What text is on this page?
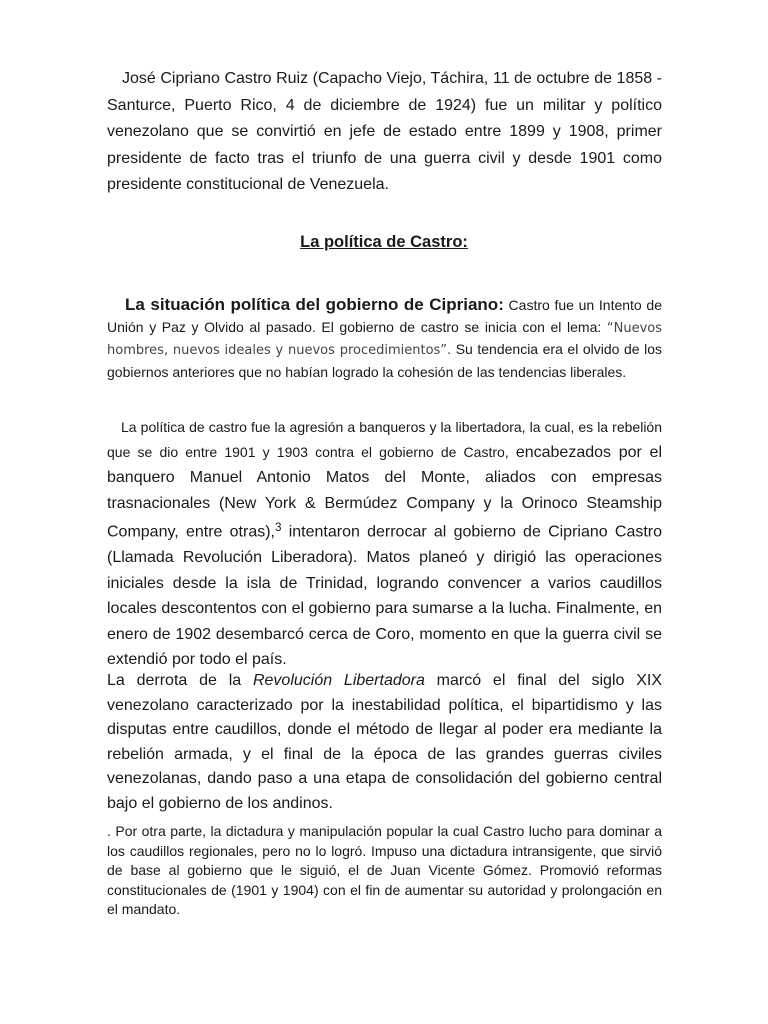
José Cipriano Castro Ruiz (Capacho Viejo, Táchira, 11 de octubre de 1858 - Santurce, Puerto Rico, 4 de diciembre de 1924) fue un militar y político venezolano que se convirtió en jefe de estado entre 1899 y 1908, primer presidente de facto tras el triunfo de una guerra civil y desde 1901 como presidente constitucional de Venezuela.

La política de Castro:

La situación política del gobierno de Cipriano: Castro fue un Intento de Unión y Paz y Olvido al pasado. El gobierno de castro se inicia con el lema: “Nuevos hombres, nuevos ideales y nuevos procedimientos”. Su tendencia era el olvido de los gobiernos anteriores que no habían logrado la cohesión de las tendencias liberales.

La política de castro fue la agresión a banqueros y la libertadora, la cual, es la rebelión que se dio entre 1901 y 1903 contra el gobierno de Castro, encabezados por el banquero Manuel Antonio Matos del Monte, aliados con empresas trasnacionales (New York & Bermúdez Company y la Orinoco Steamship Company, entre otras),$^3$ intentaron derrocar al gobierno de Cipriano Castro (Llamada Revolución Liberadora). Matos planeó y dirigió las operaciones iniciales desde la isla de Trinidad, logrando convencer a varios caudillos locales descontentos con el gobierno para sumarse a la lucha. Finalmente, en enero de 1902 desembarcó cerca de Coro, momento en que la guerra civil se extendió por todo el país.

La derrota de la Revolución Libertadora marcó el final del siglo XIX venezolano caracterizado por la inestabilidad política, el bipartidismo y las disputas entre caudillos, donde el método de llegar al poder era mediante la rebelión armada, y el final de la época de las grandes guerras civiles venezolanas, dando paso a una etapa de consolidación del gobierno central bajo el gobierno de los andinos.

. Por otra parte, la dictadura y manipulación popular la cual Castro lucho para dominar a los caudillos regionales, pero no lo logró. Impuso una dictadura intransigente, que sirvió de base al gobierno que le siguió, el de Juan Vicente Gómez. Promovió reformas constitucionales de (1901 y 1904) con el fin de aumentar su autoridad y prolongación en el mandato.
